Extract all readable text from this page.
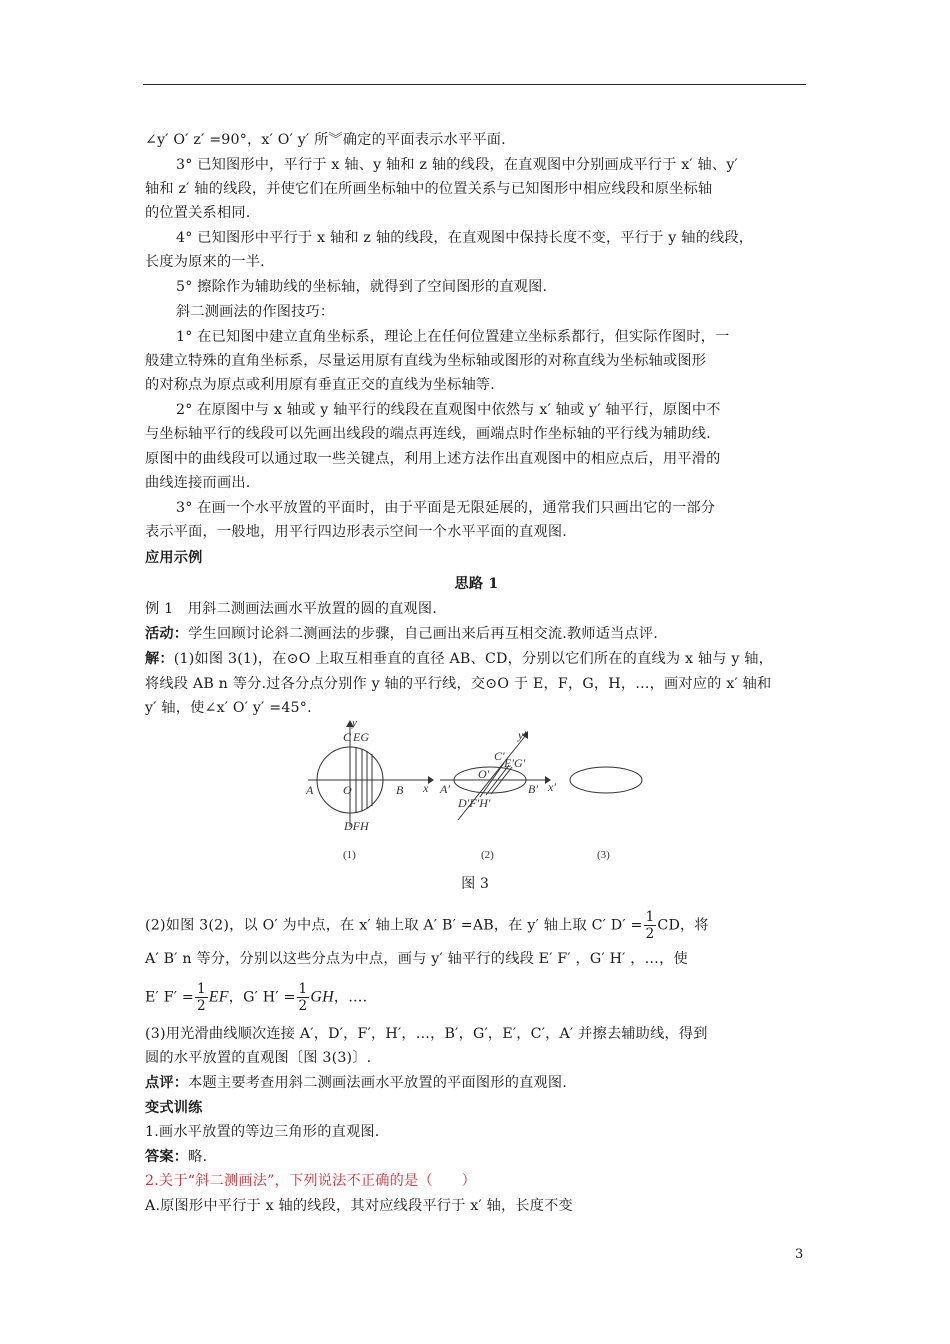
∠y′ O′ z′ =90°，x′ O′ y′ 所︾确定的平面表示水平平面.
3° 已知图形中，平行于 x 轴、y 轴和 z 轴的线段，在直观图中分别画成平行于 x′ 轴、y′
轴和 z′ 轴的线段，并使它们在所画坐标轴中的位置关系与已知图形中相应线段和原坐标轴
的位置关系相同.
4° 已知图形中平行于 x 轴和 z 轴的线段，在直观图中保持长度不变，平行于 y 轴的线段，
长度为原来的一半.
5° 擦除作为辅助线的坐标轴，就得到了空间图形的直观图.
斜二测画法的作图技巧：
1° 在已知图中建立直角坐标系，理论上在任何位置建立坐标系都行，但实际作图时，一
般建立特殊的直角坐标系，尽量运用原有直线为坐标轴或图形的对称直线为坐标轴或图形
的对称点为原点或利用原有垂直正交的直线为坐标轴等.
2° 在原图中与 x 轴或 y 轴平行的线段在直观图中依然与 x′ 轴或 y′ 轴平行，原图中不
与坐标轴平行的线段可以先画出线段的端点再连线，画端点时作坐标轴的平行线为辅助线.
原图中的曲线段可以通过取一些关键点，利用上述方法作出直观图中的相应点后，用平滑的
曲线连接而画出.
3° 在画一个水平放置的平面时，由于平面是无限延展的，通常我们只画出它的一部分
表示平面，一般地，用平行四边形表示空间一个水平平面的直观图.
应用示例
思路 1
例 1　用斜二测画法画水平放置的圆的直观图.
活动：学生回顾讨论斜二测画法的步骤，自己画出来后再互相交流.教师适当点评.
解：(1)如图 3(1)，在⊙O 上取互相垂直的直径 AB、CD，分别以它们所在的直线为 x 轴与 y 轴，
将线段 AB n 等分.过各分点分别作 y 轴的平行线，交⊙O 于 E，F，G，H，…，画对应的 x′ 轴和
y′ 轴，使∠x′ O′ y′ =45°.
y
C EG
A O	B x
DFH
(1)
y′
C′ E′G′
O′
A′	B′ x′
D′F′H′
(2)	(3)
图 3
(2)如图 3(2)，以 O′ 为中点，在 x′ 轴上取 A′ B′ =AB，在 y′ 轴上取 C′ $D' = \frac{1}{2}$ CD，将
A′ B′ n 等分，分别以这些分点为中点，画与 y′ 轴平行的线段 E′ F′ ，G′ H′ ，…，使
E′ $F' = \frac{1}{2}$ EF，G′ $H' = \frac{1}{2}$ GH，….
(3)用光滑曲线顺次连接 A′，D′，F′，H′，…，B′，G′，E′，C′，A′ 并擦去辅助线，得到
圆的水平放置的直观图〔图 3(3)〕.
点评：本题主要考查用斜二测画法画水平放置的平面图形的直观图.
变式训练
1.画水平放置的等边三角形的直观图.
答案：略.
2.关于“斜二测画法”，下列说法不正确的是（　　）
A.原图形中平行于 x 轴的线段，其对应线段平行于 x′ 轴，长度不变
3
